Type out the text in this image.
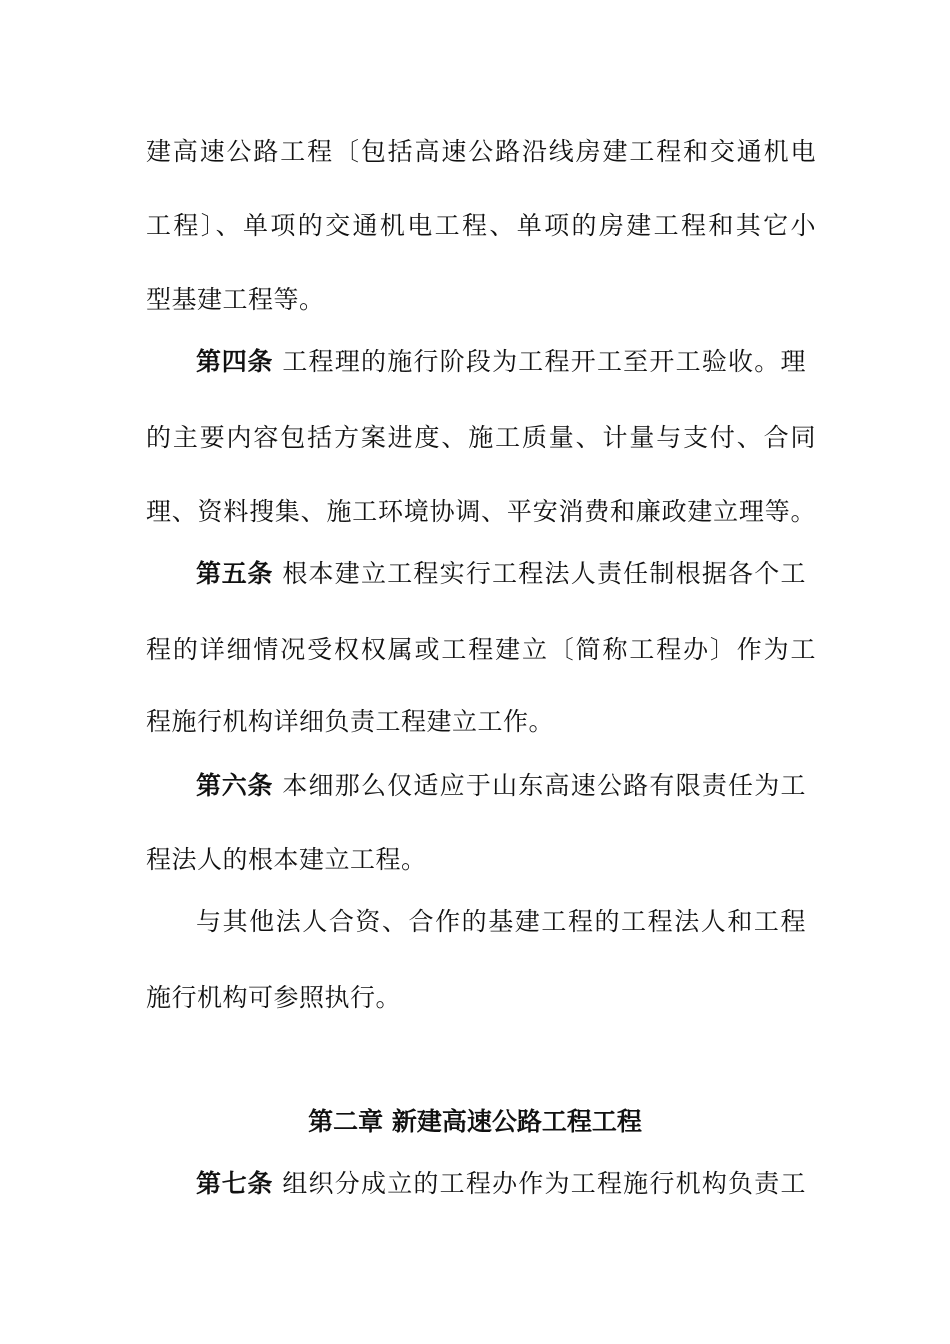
建高速公路工程〔包括高速公路沿线房建工程和交通机电
工程〕、单项的交通机电工程、单项的房建工程和其它小
型基建工程等。
第四条 工程理的施行阶段为工程开工至开工验收。理
的主要内容包括方案进度、施工质量、计量与支付、合同
理、资料搜集、施工环境协调、平安消费和廉政建立理等。
第五条 根本建立工程实行工程法人责任制根据各个工
程的详细情况受权权属或工程建立〔简称工程办〕作为工
程施行机构详细负责工程建立工作。
第六条 本细那么仅适应于山东高速公路有限责任为工
程法人的根本建立工程。
与其他法人合资、合作的基建工程的工程法人和工程
施行机构可参照执行。
第二章 新建高速公路工程工程
第七条 组织分成立的工程办作为工程施行机构负责工
